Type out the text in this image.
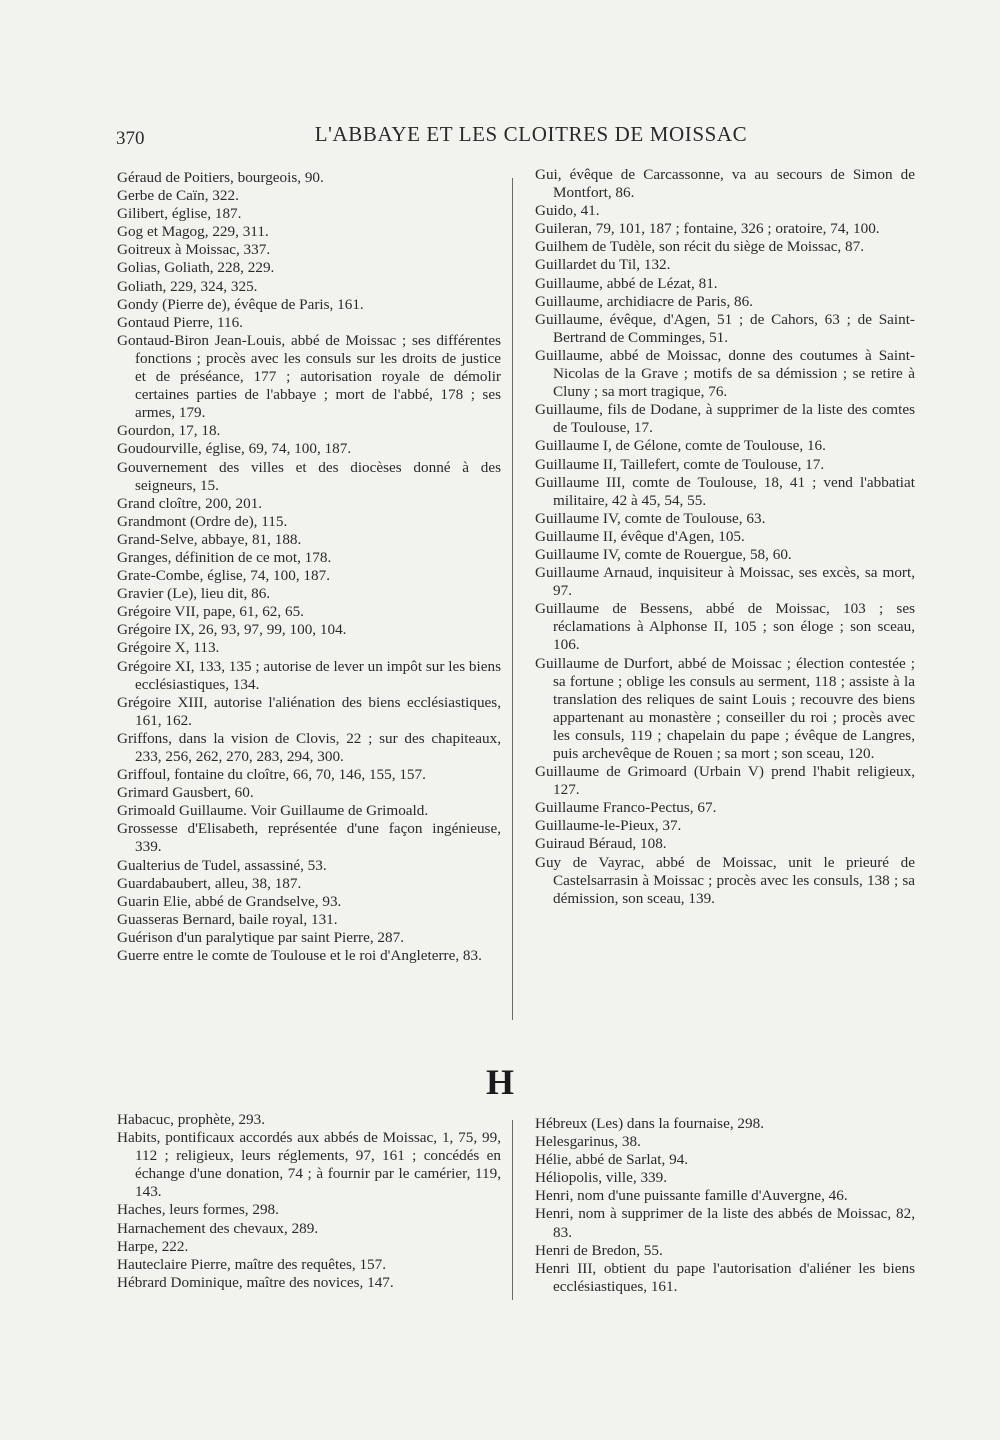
370	L'ABBAYE ET LES CLOITRES DE MOISSAC

Géraud de Poitiers, bourgeois, 90.

Gerbe de Caïn, 322.

Gilibert, église, 187.

Gog et Magog, 229, 311.

Goitreux à Moissac, 337.

Golias, Goliath, 228, 229.

Goliath, 229, 324, 325.

Gondy (Pierre de), évêque de Paris, 161.

Gontaud Pierre, 116.

Gontaud-Biron Jean-Louis, abbé de Moissac ; ses différentes fonctions ; procès avec les consuls sur les droits de justice et de préséance, 177 ; autorisation royale de démolir certaines parties de l'abbaye ; mort de l'abbé, 178 ; ses armes, 179.

Gourdon, 17, 18.

Goudourville, église, 69, 74, 100, 187.

Gouvernement des villes et des diocèses donné à des seigneurs, 15.

Grand cloître, 200, 201.

Grandmont (Ordre de), 115.

Grand-Selve, abbaye, 81, 188.

Granges, définition de ce mot, 178.

Grate-Combe, église, 74, 100, 187.

Gravier (Le), lieu dit, 86.

Grégoire VII, pape, 61, 62, 65.

Grégoire IX, 26, 93, 97, 99, 100, 104.

Grégoire X, 113.

Grégoire XI, 133, 135 ; autorise de lever un impôt sur les biens ecclésiastiques, 134.

Grégoire XIII, autorise l'aliénation des biens ecclésiastiques, 161, 162.

Griffons, dans la vision de Clovis, 22 ; sur des chapiteaux, 233, 256, 262, 270, 283, 294, 300.

Griffoul, fontaine du cloître, 66, 70, 146, 155, 157.

Grimard Gausbert, 60.

Grimoald Guillaume. Voir Guillaume de Grimoald.

Grossesse d'Elisabeth, représentée d'une façon ingénieuse, 339.

Gualterius de Tudel, assassiné, 53.

Guardabaubert, alleu, 38, 187.

Guarin Elie, abbé de Grandselve, 93.

Guasseras Bernard, baile royal, 131.

Guérison d'un paralytique par saint Pierre, 287.

Guerre entre le comte de Toulouse et le roi d'Angleterre, 83.

Gui, évêque de Carcassonne, va au secours de Simon de Montfort, 86.

Guido, 41.

Guileran, 79, 101, 187 ; fontaine, 326 ; oratoire, 74, 100.

Guilhem de Tudèle, son récit du siège de Moissac, 87.

Guillardet du Til, 132.

Guillaume, abbé de Lézat, 81.

Guillaume, archidiacre de Paris, 86.

Guillaume, évêque, d'Agen, 51 ; de Cahors, 63 ; de Saint-Bertrand de Comminges, 51.

Guillaume, abbé de Moissac, donne des coutumes à Saint-Nicolas de la Grave ; motifs de sa démission ; se retire à Cluny ; sa mort tragique, 76.

Guillaume, fils de Dodane, à supprimer de la liste des comtes de Toulouse, 17.

Guillaume I, de Gélone, comte de Toulouse, 16.

Guillaume II, Taillefert, comte de Toulouse, 17.

Guillaume III, comte de Toulouse, 18, 41 ; vend l'abbatiat militaire, 42 à 45, 54, 55.

Guillaume IV, comte de Toulouse, 63.

Guillaume II, évêque d'Agen, 105.

Guillaume IV, comte de Rouergue, 58, 60.

Guillaume Arnaud, inquisiteur à Moissac, ses excès, sa mort, 97.

Guillaume de Bessens, abbé de Moissac, 103 ; ses réclamations à Alphonse II, 105 ; son éloge ; son sceau, 106.

Guillaume de Durfort, abbé de Moissac ; élection contestée ; sa fortune ; oblige les consuls au serment, 118 ; assiste à la translation des reliques de saint Louis ; recouvre des biens appartenant au monastère ; conseiller du roi ; procès avec les consuls, 119 ; chapelain du pape ; évêque de Langres, puis archevêque de Rouen ; sa mort ; son sceau, 120.

Guillaume de Grimoard (Urbain V) prend l'habit religieux, 127.

Guillaume Franco-Pectus, 67.

Guillaume-le-Pieux, 37.

Guiraud Béraud, 108.

Guy de Vayrac, abbé de Moissac, unit le prieuré de Castelsarrasin à Moissac ; procès avec les consuls, 138 ; sa démission, son sceau, 139.

H

Habacuc, prophète, 293.

Habits, pontificaux accordés aux abbés de Moissac, 1, 75, 99, 112 ; religieux, leurs réglements, 97, 161 ; concédés en échange d'une donation, 74 ; à fournir par le camérier, 119, 143.

Haches, leurs formes, 298.

Harnachement des chevaux, 289.

Harpe, 222.

Hauteclaire Pierre, maître des requêtes, 157.

Hébrard Dominique, maître des novices, 147.

Hébreux (Les) dans la fournaise, 298.

Helesgarinus, 38.

Hélie, abbé de Sarlat, 94.

Héliopolis, ville, 339.

Henri, nom d'une puissante famille d'Auvergne, 46.

Henri, nom à supprimer de la liste des abbés de Moissac, 82, 83.

Henri de Bredon, 55.

Henri III, obtient du pape l'autorisation d'aliéner les biens ecclésiastiques, 161.
